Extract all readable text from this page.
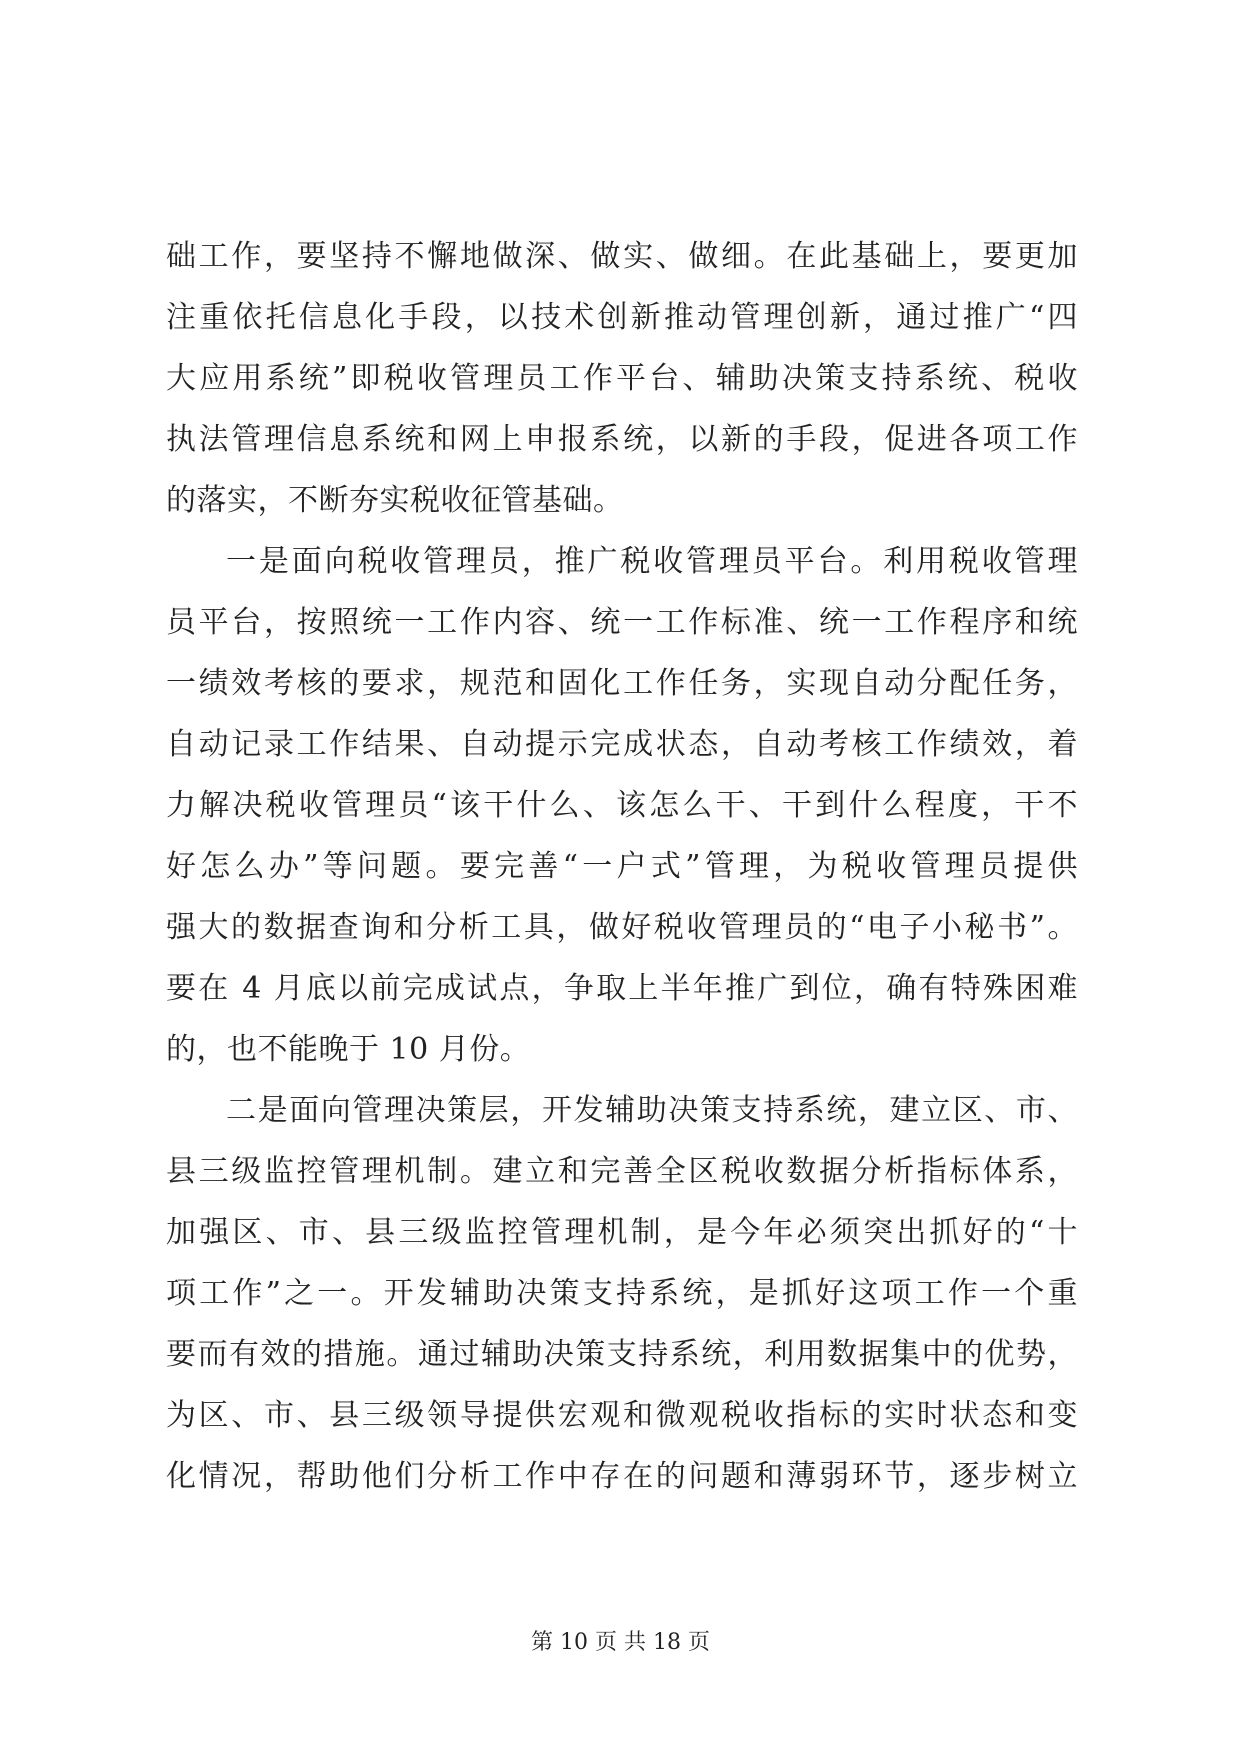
础工作，要坚持不懈地做深、做实、做细。在此基础上，要更加
注重依托信息化手段，以技术创新推动管理创新，通过推广“四
大应用系统”即税收管理员工作平台、辅助决策支持系统、税收
执法管理信息系统和网上申报系统，以新的手段，促进各项工作
的落实，不断夯实税收征管基础。
一是面向税收管理员，推广税收管理员平台。利用税收管理
员平台，按照统一工作内容、统一工作标准、统一工作程序和统
一绩效考核的要求，规范和固化工作任务，实现自动分配任务，
自动记录工作结果、自动提示完成状态，自动考核工作绩效，着
力解决税收管理员“该干什么、该怎么干、干到什么程度，干不
好怎么办”等问题。要完善“一户式”管理，为税收管理员提供
强大的数据查询和分析工具，做好税收管理员的“电子小秘书”。
要在 4 月底以前完成试点，争取上半年推广到位，确有特殊困难
的，也不能晚于 10 月份。
二是面向管理决策层，开发辅助决策支持系统，建立区、市、
县三级监控管理机制。建立和完善全区税收数据分析指标体系，
加强区、市、县三级监控管理机制，是今年必须突出抓好的“十
项工作”之一。开发辅助决策支持系统，是抓好这项工作一个重
要而有效的措施。通过辅助决策支持系统，利用数据集中的优势，
为区、市、县三级领导提供宏观和微观税收指标的实时状态和变
化情况，帮助他们分析工作中存在的问题和薄弱环节，逐步树立
第 10 页 共 18 页
